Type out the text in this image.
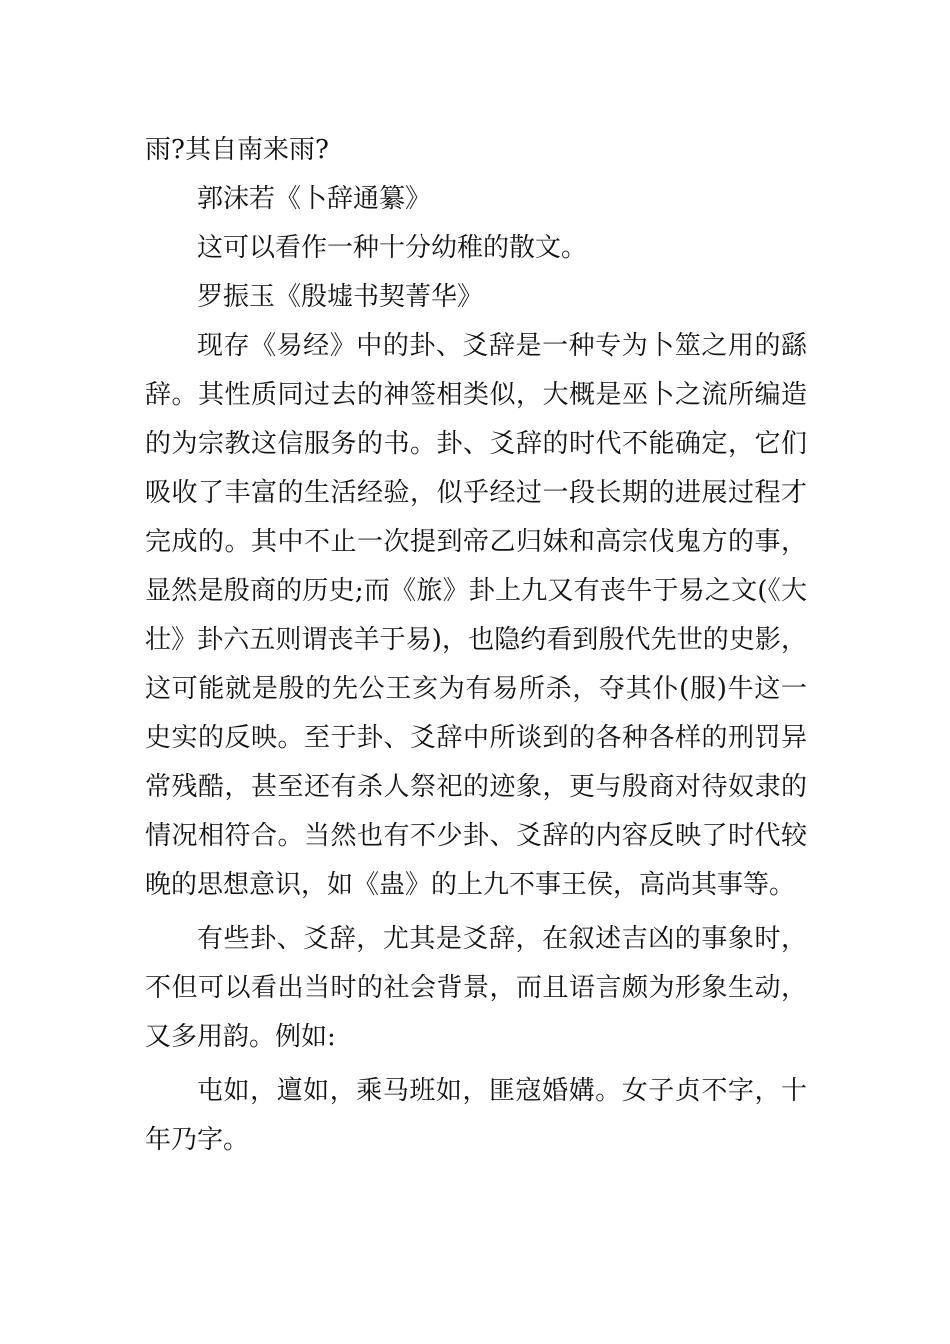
雨?其自南来雨?

郭沫若《卜辞通纂》

这可以看作一种十分幼稚的散文。

罗振玉《殷墟书契菁华》

现存《易经》中的卦、爻辞是一种专为卜筮之用的繇辞。其性质同过去的神签相类似，大概是巫卜之流所编造的为宗教这信服务的书。卦、爻辞的时代不能确定，它们吸收了丰富的生活经验，似乎经过一段长期的进展过程才完成的。其中不止一次提到帝乙归妹和高宗伐鬼方的事，显然是殷商的历史;而《旅》卦上九又有丧牛于易之文(《大壮》卦六五则谓丧羊于易)，也隐约看到殷代先世的史影，这可能就是殷的先公王亥为有易所杀，夺其仆(服)牛这一史实的反映。至于卦、爻辞中所谈到的各种各样的刑罚异常残酷，甚至还有杀人祭祀的迹象，更与殷商对待奴隶的情况相符合。当然也有不少卦、爻辞的内容反映了时代较晚的思想意识，如《蛊》的上九不事王侯，高尚其事等。

有些卦、爻辞，尤其是爻辞，在叙述吉凶的事象时，不但可以看出当时的社会背景，而且语言颇为形象生动，又多用韵。例如:

屯如，邅如，乘马班如，匪寇婚媾。女子贞不字，十年乃字。
